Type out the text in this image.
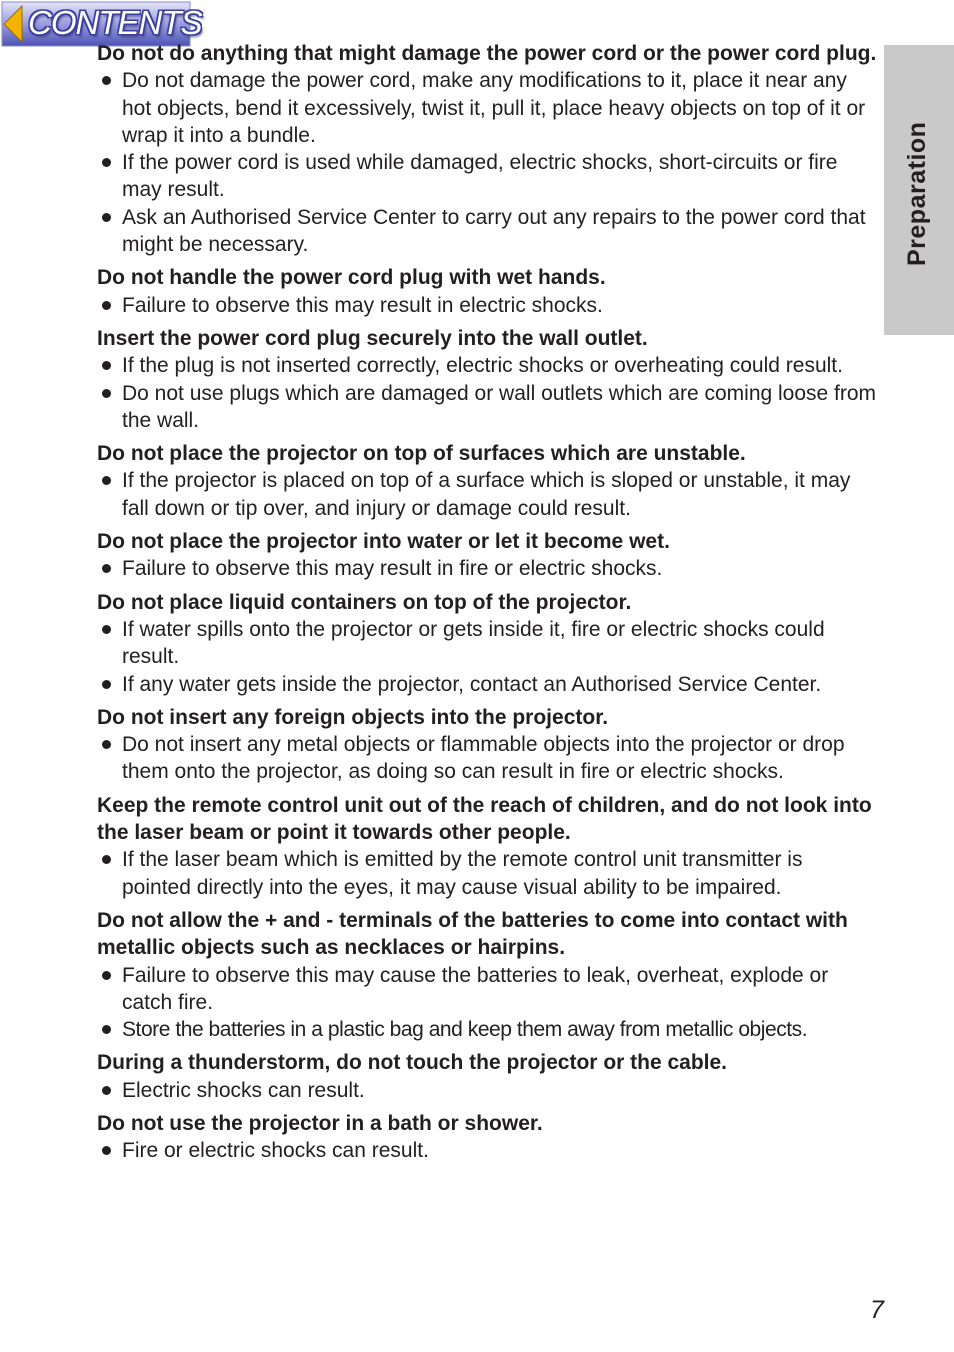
CONTENTS
Preparation

Do not do anything that might damage the power cord or the power cord plug.

Do not damage the power cord, make any modifications to it, place it near any hot objects, bend it excessively, twist it, pull it, place heavy objects on top of it or wrap it into a bundle.
If the power cord is used while damaged, electric shocks, short-circuits or fire may result.
Ask an Authorised Service Center to carry out any repairs to the power cord that might be necessary.

Do not handle the power cord plug with wet hands.

Failure to observe this may result in electric shocks.

Insert the power cord plug securely into the wall outlet.

If the plug is not inserted correctly, electric shocks or overheating could result.
Do not use plugs which are damaged or wall outlets which are coming loose from the wall.

Do not place the projector on top of surfaces which are unstable.

If the projector is placed on top of a surface which is sloped or unstable, it may fall down or tip over, and injury or damage could result.

Do not place the projector into water or let it become wet.

Failure to observe this may result in fire or electric shocks.

Do not place liquid containers on top of the projector.

If water spills onto the projector or gets inside it, fire or electric shocks could result.
If any water gets inside the projector, contact an Authorised Service Center.

Do not insert any foreign objects into the projector.

Do not insert any metal objects or flammable objects into the projector or drop them onto the projector, as doing so can result in fire or electric shocks.

Keep the remote control unit out of the reach of children, and do not look into the laser beam or point it towards other people.

If the laser beam which is emitted by the remote control unit transmitter is pointed directly into the eyes, it may cause visual ability to be impaired.

Do not allow the + and - terminals of the batteries to come into contact with metallic objects such as necklaces or hairpins.

Failure to observe this may cause the batteries to leak, overheat, explode or catch fire.
Store the batteries in a plastic bag and keep them away from metallic objects.

During a thunderstorm, do not touch the projector or the cable.

Electric shocks can result.

Do not use the projector in a bath or shower.

Fire or electric shocks can result.
7
